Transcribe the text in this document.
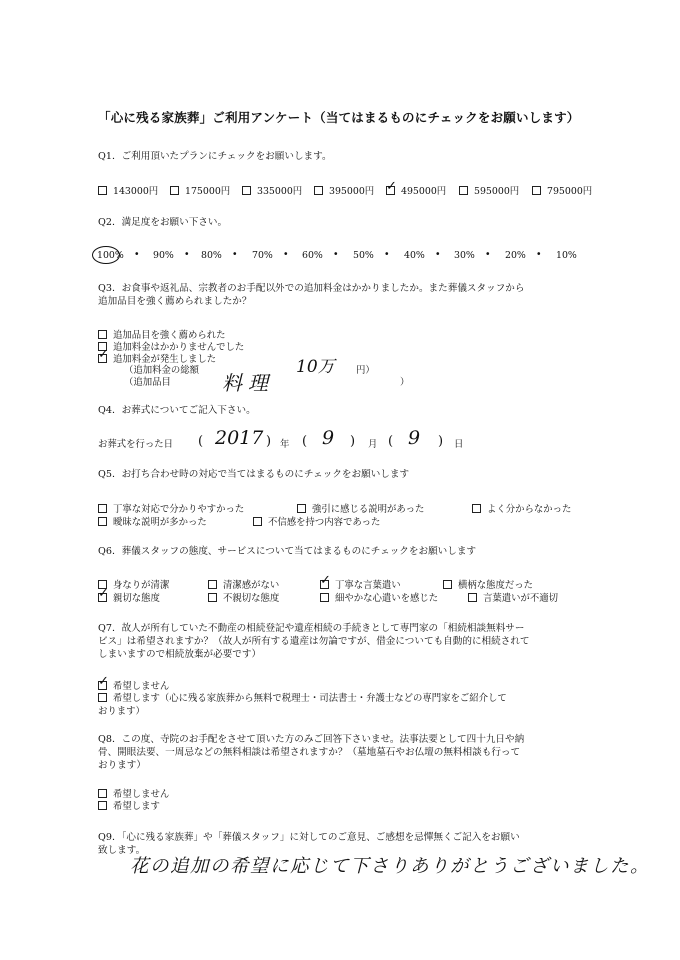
「心に残る家族葬」ご利用アンケート（当てはまるものにチェックをお願いします）
Q1．ご利用頂いたプランにチェックをお願いします。
143000円	175000円	335000円	395000円 ✓ 495000円	595000円	795000円
Q2．満足度をお願い下さい。
100% • 90% • 80% • 70% • 60% • 50% • 40% • 30% • 20% • 10%
Q3．お食事や返礼品、宗教者のお手配以外での追加料金はかかりましたか。また葬儀スタッフから
追加品目を強く薦められましたか？
追加品目を強く薦められた
追加料金はかかりませんでした
✓ 追加料金が発生しました
（追加料金の総額	10万 円）
（追加品目	料理	）
Q4．お葬式についてご記入下さい。
お葬式を行った日 ( 2017 ) 年 ( 9 ) 月 ( 9 ) 日
Q5．お打ち合わせ時の対応で当てはまるものにチェックをお願いします
丁寧な対応で分かりやすかった	強引に感じる説明があった	よく分からなかった
曖昧な説明が多かった	不信感を持つ内容であった
Q6．葬儀スタッフの態度、サービスについて当てはまるものにチェックをお願いします
身なりが清潔	清潔感がない	✓ 丁寧な言葉遣い	横柄な態度だった
✓ 親切な態度	不親切な態度	細やかな心遣いを感じた	言葉遣いが不適切
Q7．故人が所有していた不動産の相続登記や遺産相続の手続きとして専門家の「相続相談無料サー
ビス」は希望されますか？（故人が所有する遺産は勿論ですが、借金についても自動的に相続されて
しまいますので相続放棄が必要です）
✓ 希望しません
希望します（心に残る家族葬から無料で税理士・司法書士・弁護士などの専門家をご紹介して
おります）
Q8．この度、寺院のお手配をさせて頂いた方のみご回答下さいませ。法事法要として四十九日や納
骨、開眼法要、一周忌などの無料相談は希望されますか？（墓地墓石やお仏壇の無料相談も行って
おります）
希望しません
希望します
Q9．「心に残る家族葬」や「葬儀スタッフ」に対してのご意見、ご感想を忌憚無くご記入をお願い
致します。
花の追加の希望に応じて下さりありがとうございました。
